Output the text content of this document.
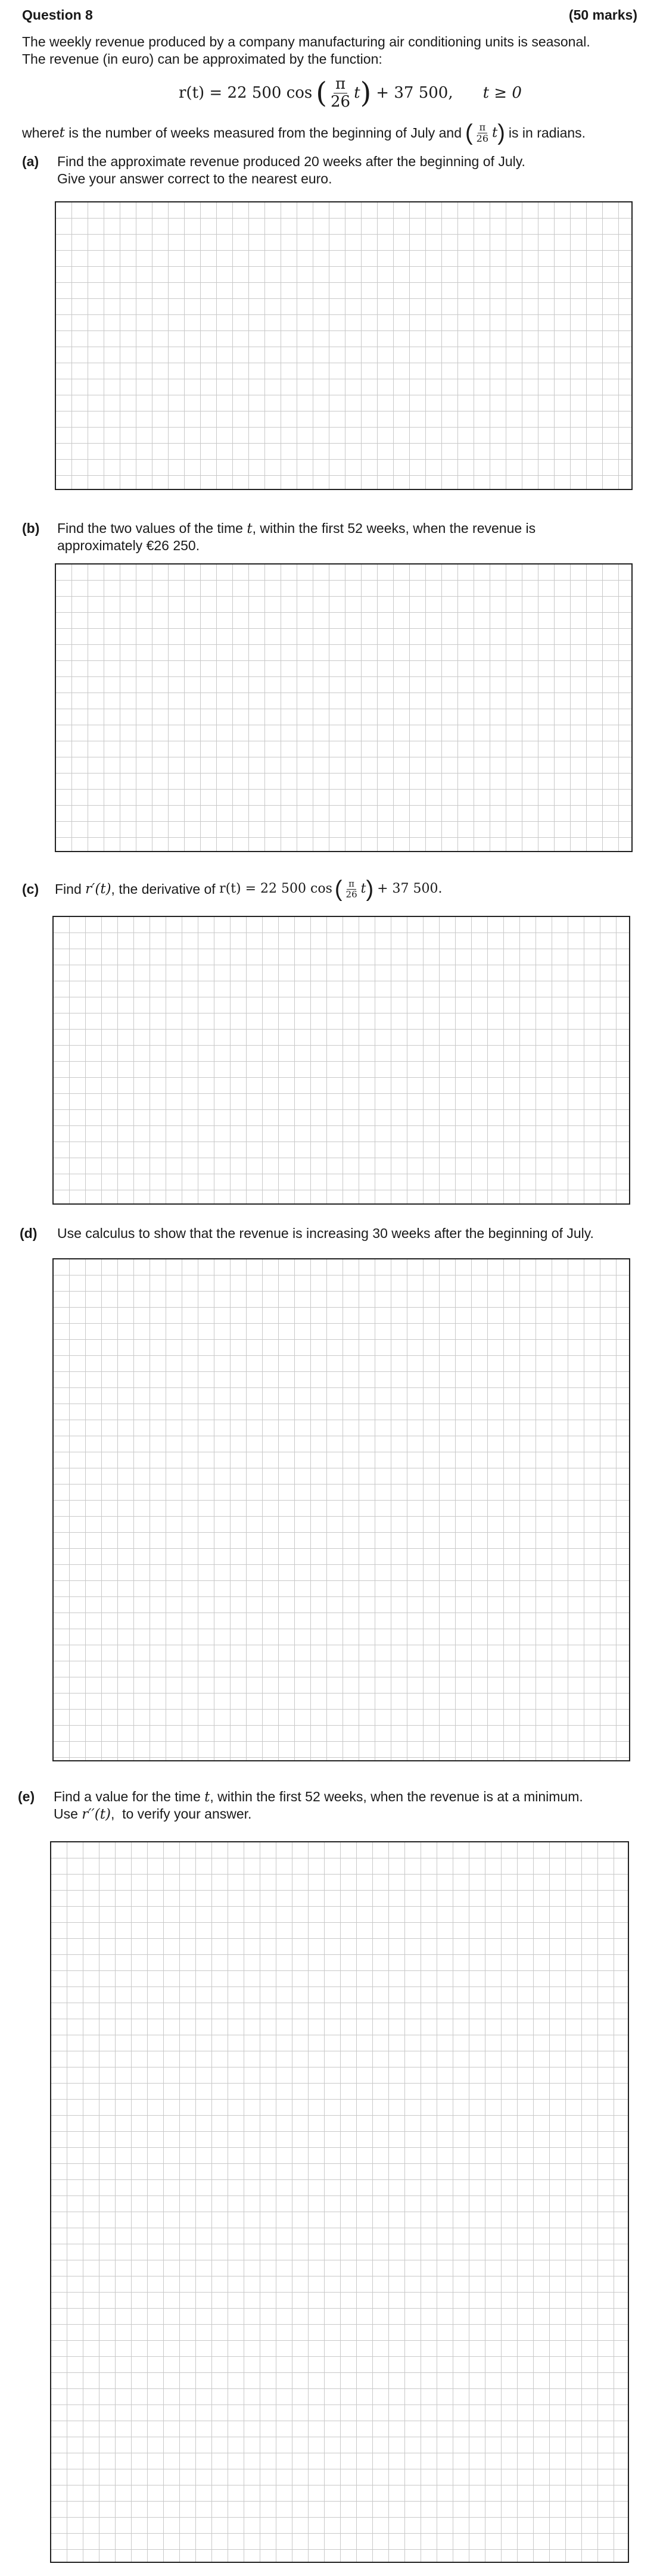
Question 8	(50 marks)
The weekly revenue produced by a company manufacturing air conditioning units is seasonal.
The revenue (in euro) can be approximated by the function:
r(t) = 22 500 cos ( $\frac{\pi}{26}$ t ) + 37 500, t ≥ 0
where t is the number of weeks measured from the beginning of July and ( $\frac{\pi}{26}$ t ) is in radians.
(a) Find the approximate revenue produced 20 weeks after the beginning of July.
Give your answer correct to the nearest euro.
(b) Find the two values of the time t, within the first 52 weeks, when the revenue is
approximately €26 250.
(c) Find r′(t) , the derivative of r(t) = 22 500 cos ( $\frac{\pi}{26}$ t ) + 37 500.
(d) Use calculus to show that the revenue is increasing 30 weeks after the beginning of July.
(e) Find a value for the time t, within the first 52 weeks, when the revenue is at a minimum.
Use r′′(t),  to verify your answer.
